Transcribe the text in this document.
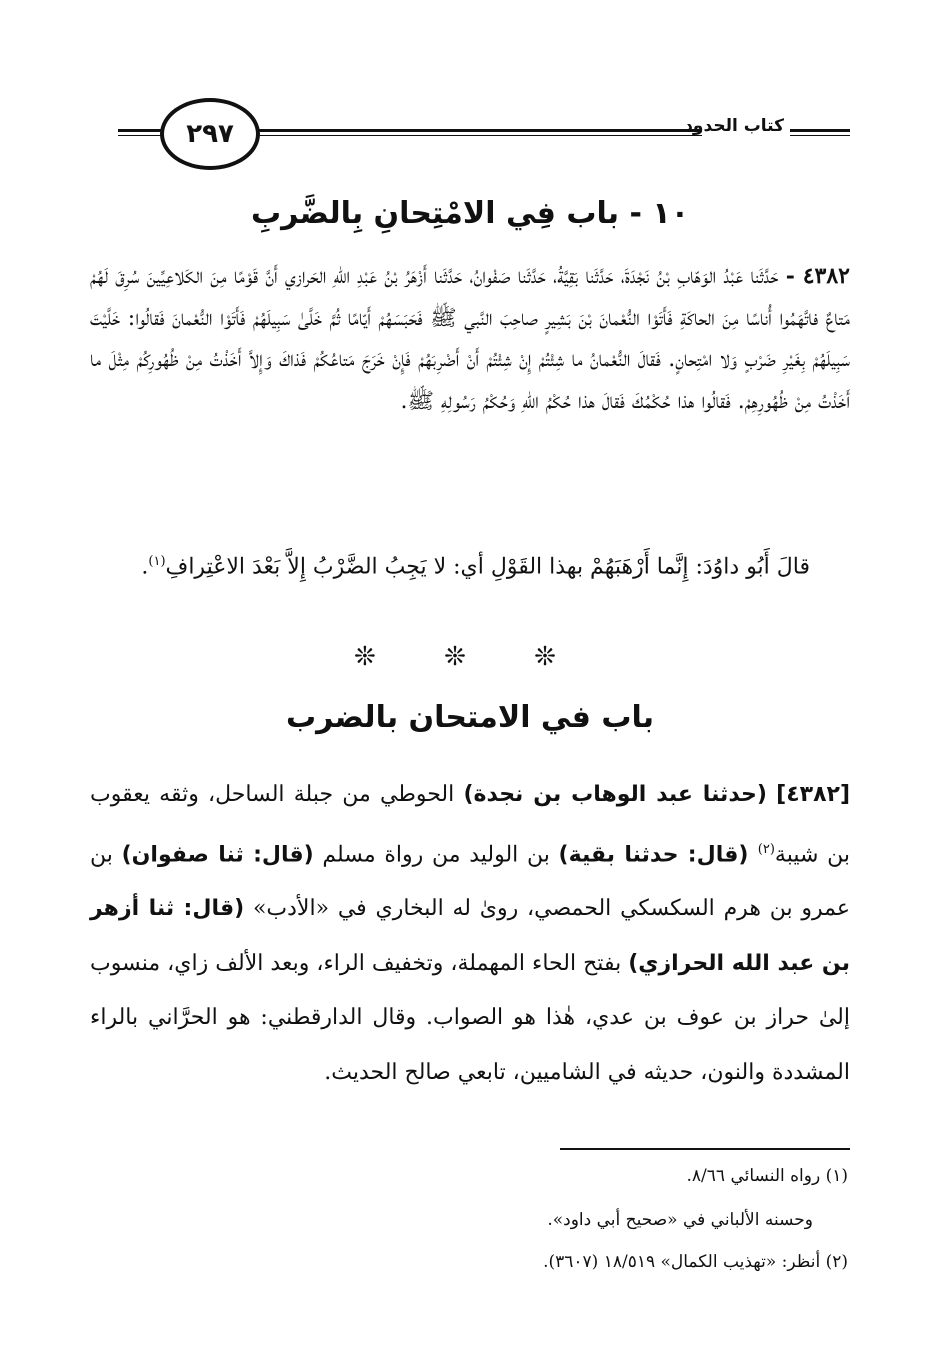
كتاب الحدود
٢٩٧
١٠ - باب فِي الامْتِحانِ بِالضَّربِ

٤٣٨٢ - حَدَّثَنا عَبْدُ الوَهّابِ بْنُ نَجْدَةَ، حَدَّثَنا بَقِيَّةُ، حَدَّثَنا صَفْوانُ، حَدَّثَنا أَزْهَرُ بْنُ عَبْدِ اللهِ الحَرازي أَنَّ قَوْمًا مِنَ الكَلاعِيِّينَ سُرِقَ لَهُمْ مَتاعٌ فاتَّهَمُوا أُناسًا مِنَ الحاكَةِ فَأَتَوْا النُّعْمانَ بْنَ بَشِيرٍ صاحِبَ النَّبي ﷺ فَحَبَسَهُمْ أَيّامًا ثُمَّ خَلَّىٰ سَبِيلَهُمْ فَأَتَوْا النُّعْمانَ فَقالُوا: خَلَّيْتَ سَبِيلَهُمْ بِغَيْرِ ضَرْبٍ وَلا امْتِحانٍ. فَقالَ النُّعْمانُ ما شِئْتُمْ إِنْ شِئْتُمْ أَنْ أَضْرِبَهُمْ فَإِنْ خَرَجَ مَتاعُكُمْ فَذاكَ وَإِلاَّ أَخَذْتُ مِنْ ظُهُورِكُمْ مِثْلَ ما أَخَذْتُ مِنْ ظُهُورِهِمْ. فَقالُوا هذا حُكْمُكَ فَقالَ هذا حُكْمُ اللهِ وَحُكْمُ رَسُولِهِ ﷺ.

قالَ أَبُو داوُدَ: إِنَّما أَرْهَبَهُمْ بهذا القَوْلِ أي: لا يَجِبُ الضَّرْبُ إِلاَّ بَعْدَ الاعْتِرافِ$^{(١)}$.

❊ ❊ ❊
باب في الامتحان بالضرب

[٤٣٨٢] (حدثنا عبد الوهاب بن نجدة) الحوطي من جبلة الساحل، وثقه يعقوب بن شيبة$^{(٢)}$ (قال: حدثنا بقية) بن الوليد من رواة مسلم (قال: ثنا صفوان) بن عمرو بن هرم السكسكي الحمصي، روىٰ له البخاري في «الأدب» (قال: ثنا أزهر بن عبد الله الحرازي) بفتح الحاء المهملة، وتخفيف الراء، وبعد الألف زاي، منسوب إلىٰ حراز بن عوف بن عدي، هٰذا هو الصواب. وقال الدارقطني: هو الحرَّاني بالراء المشددة والنون، حديثه في الشاميين، تابعي صالح الحديث.

(١) رواه النسائي ٨/٦٦.
وحسنه الألباني في «صحيح أبي داود».
(٢) أنظر: «تهذيب الكمال» ١٨/٥١٩ (٣٦٠٧).
